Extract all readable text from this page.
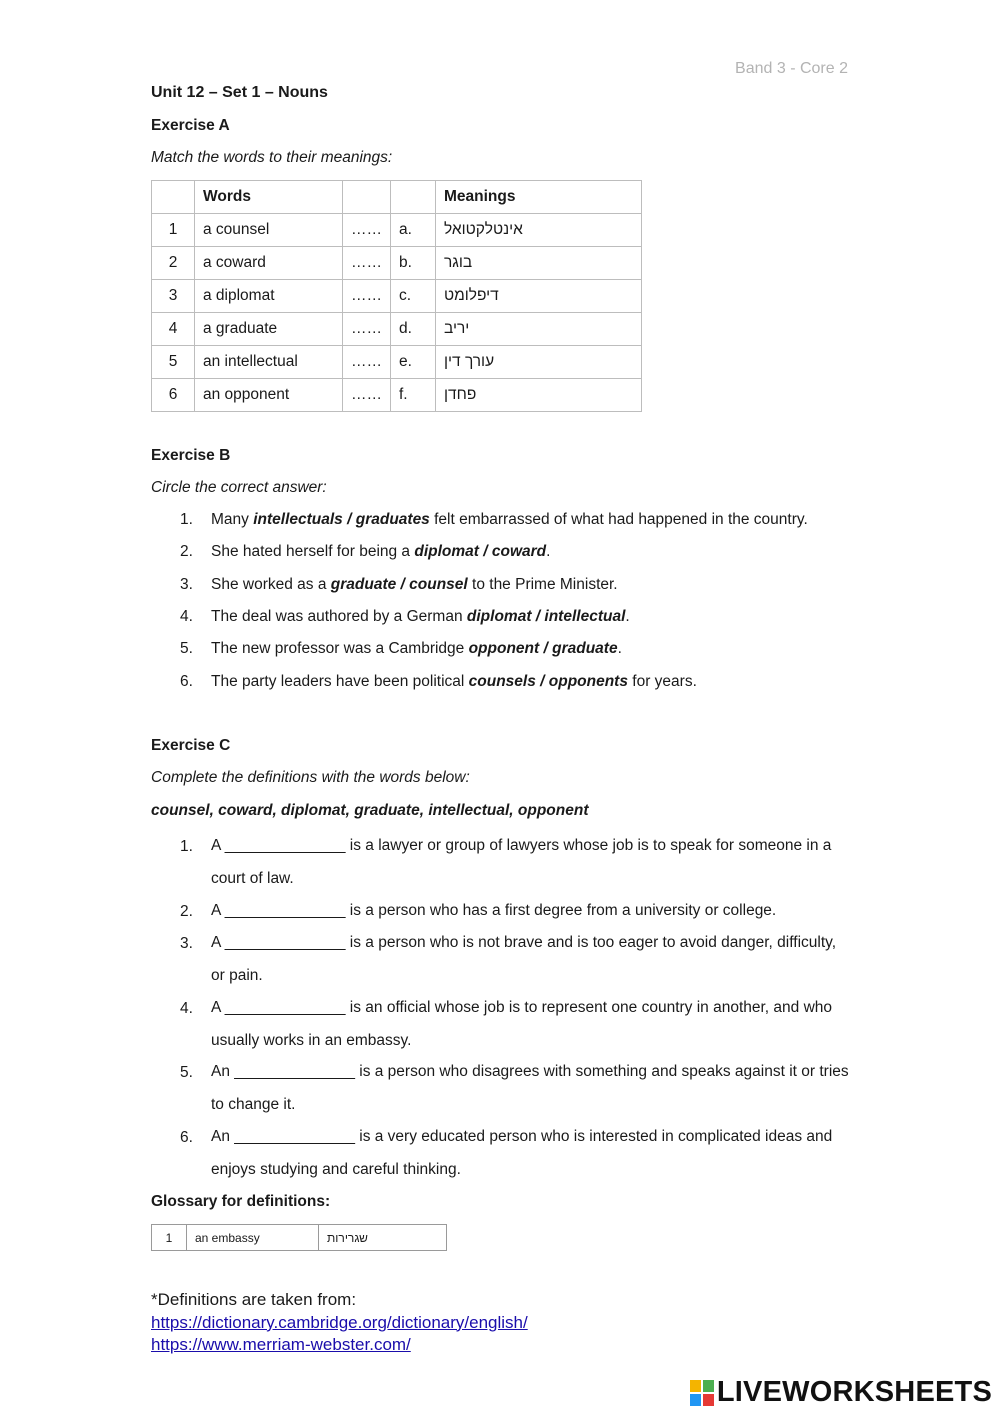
Band 3 - Core 2
Unit 12 – Set 1 – Nouns
Exercise A
Match the words to their meanings:
	Words			Meanings
1	a counsel	……	a.	אינטלקטואל
2	a coward	……	b.	בוגר
3	a diplomat	……	c.	דיפלומט
4	a graduate	……	d.	יריב
5	an intellectual	……	e.	עורך דין
6	an opponent	……	f.	פחדן
Exercise B
Circle the correct answer:
1. Many intellectuals / graduates felt embarrassed of what had happened in the country.
2. She hated herself for being a diplomat / coward.
3. She worked as a graduate / counsel to the Prime Minister.
4. The deal was authored by a German diplomat / intellectual.
5. The new professor was a Cambridge opponent / graduate.
6. The party leaders have been political counsels / opponents for years.
Exercise C
Complete the definitions with the words below:
counsel, coward, diplomat, graduate, intellectual, opponent
1. A ______________ is a lawyer or group of lawyers whose job is to speak for someone in a court of law.
2. A ______________ is a person who has a first degree from a university or college.
3. A ______________ is a person who is not brave and is too eager to avoid danger, difficulty, or pain.
4. A ______________ is an official whose job is to represent one country in another, and who usually works in an embassy.
5. An ______________ is a person who disagrees with something and speaks against it or tries to change it.
6. An ______________ is a very educated person who is interested in complicated ideas and enjoys studying and careful thinking.
Glossary for definitions:
1	an embassy	שגרירות
*Definitions are taken from:
https://dictionary.cambridge.org/dictionary/english/
https://www.merriam-webster.com/
LIVEWORKSHEETS
